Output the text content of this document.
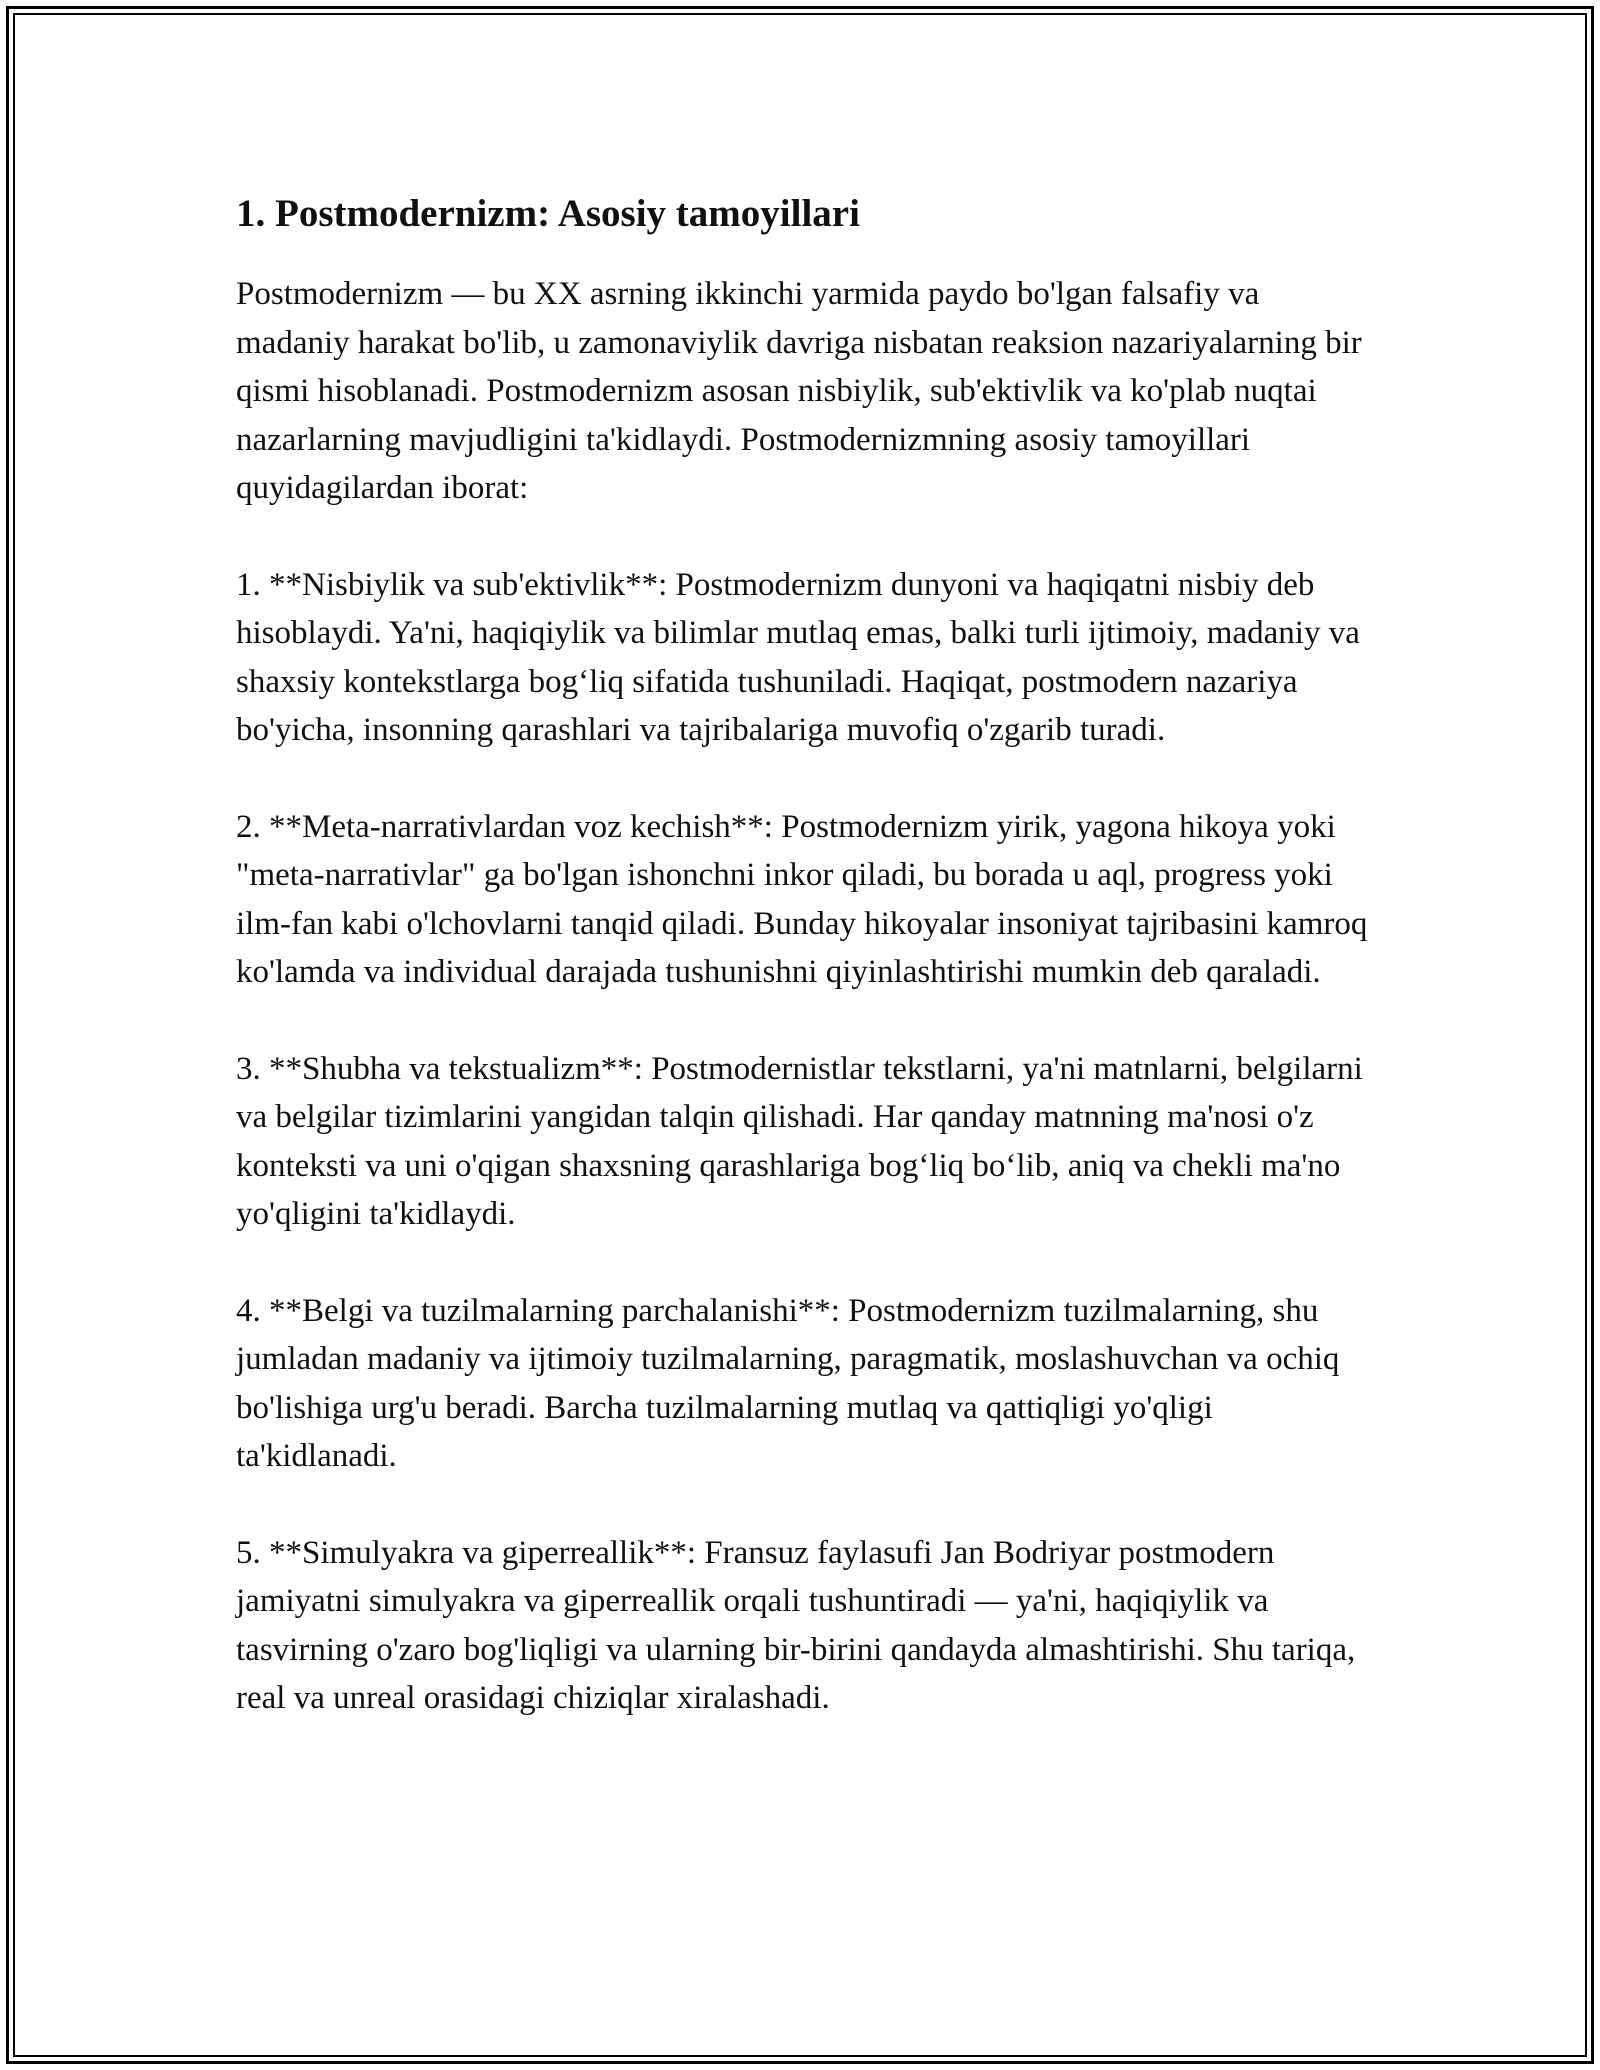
1. Postmodernizm: Asosiy tamoyillari

Postmodernizm — bu XX asrning ikkinchi yarmida paydo bo'lgan falsafiy va madaniy harakat bo'lib, u zamonaviylik davriga nisbatan reaksion nazariyalarning bir qismi hisoblanadi. Postmodernizm asosan nisbiylik, sub'ektivlik va ko'plab nuqtai nazarlarning mavjudligini ta'kidlaydi. Postmodernizmning asosiy tamoyillari quyidagilardan iborat:

1. **Nisbiylik va sub'ektivlik**: Postmodernizm dunyoni va haqiqatni nisbiy deb hisoblaydi. Ya'ni, haqiqiylik va bilimlar mutlaq emas, balki turli ijtimoiy, madaniy va shaxsiy kontekstlarga bog‘liq sifatida tushuniladi. Haqiqat, postmodern nazariya bo'yicha, insonning qarashlari va tajribalariga muvofiq o'zgarib turadi.

2. **Meta-narrativlardan voz kechish**: Postmodernizm yirik, yagona hikoya yoki "meta-narrativlar" ga bo'lgan ishonchni inkor qiladi, bu borada u aql, progress yoki ilm-fan kabi o'lchovlarni tanqid qiladi. Bunday hikoyalar insoniyat tajribasini kamroq ko'lamda va individual darajada tushunishni qiyinlashtirishi mumkin deb qaraladi.

3. **Shubha va tekstualizm**: Postmodernistlar tekstlarni, ya'ni matnlarni, belgilarni va belgilar tizimlarini yangidan talqin qilishadi. Har qanday matnning ma'nosi o'z konteksti va uni o'qigan shaxsning qarashlariga bog‘liq bo‘lib, aniq va chekli ma'no yo'qligini ta'kidlaydi.

4. **Belgi va tuzilmalarning parchalanishi**: Postmodernizm tuzilmalarning, shu jumladan madaniy va ijtimoiy tuzilmalarning, paragmatik, moslashuvchan va ochiq bo'lishiga urg'u beradi. Barcha tuzilmalarning mutlaq va qattiqligi yo'qligi ta'kidlanadi.

5. **Simulyakra va giperreallik**: Fransuz faylasufi Jan Bodriyar postmodern jamiyatni simulyakra va giperreallik orqali tushuntiradi — ya'ni, haqiqiylik va tasvirning o'zaro bog'liqligi va ularning bir-birini qandayda almashtirishi. Shu tariqa, real va unreal orasidagi chiziqlar xiralashadi.
